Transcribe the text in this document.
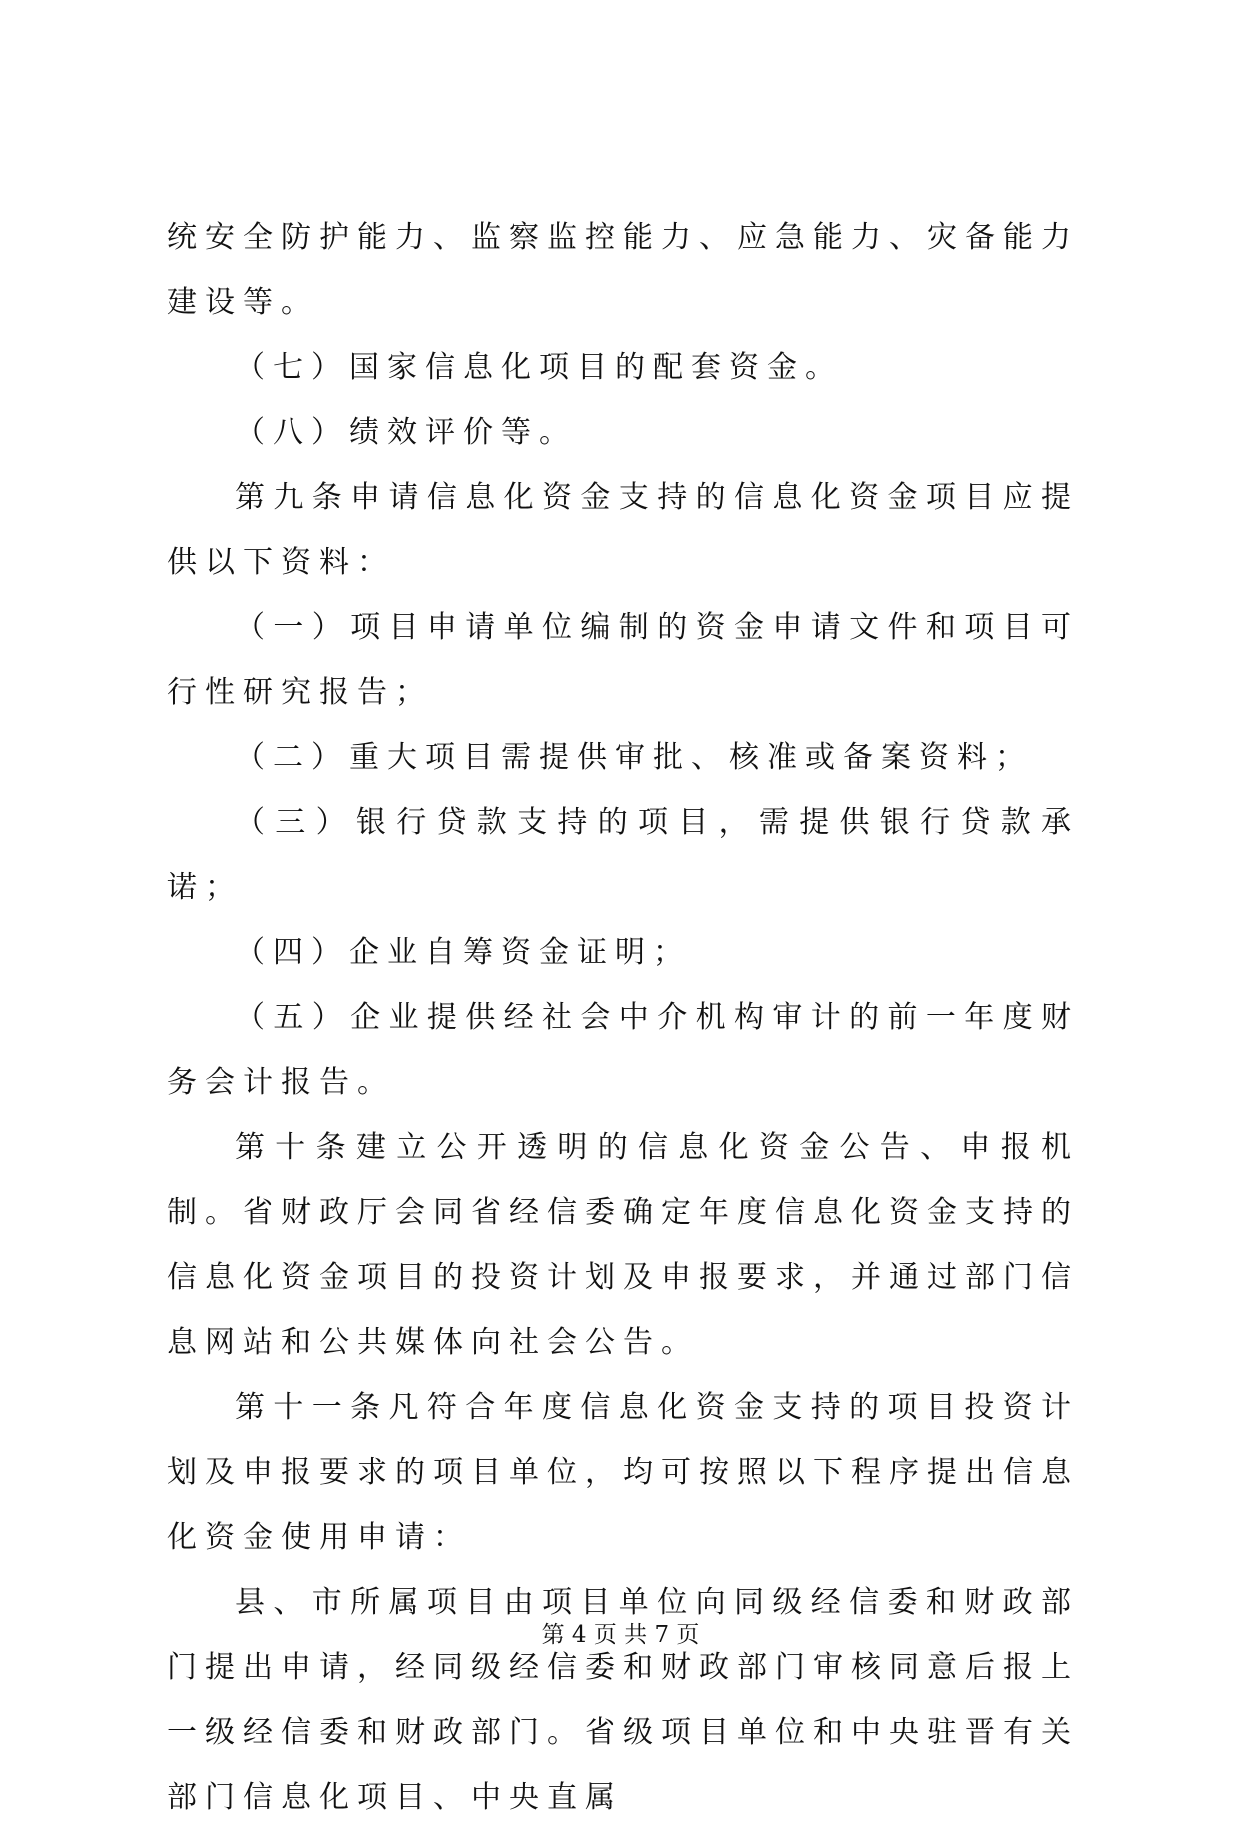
统安全防护能力、监察监控能力、应急能力、灾备能力建设等。

（七）国家信息化项目的配套资金。

（八）绩效评价等。

第九条申请信息化资金支持的信息化资金项目应提供以下资料：

（一）项目申请单位编制的资金申请文件和项目可行性研究报告；

（二）重大项目需提供审批、核准或备案资料；

（三）银行贷款支持的项目，需提供银行贷款承诺；

（四）企业自筹资金证明；

（五）企业提供经社会中介机构审计的前一年度财务会计报告。

第十条建立公开透明的信息化资金公告、申报机制。省财政厅会同省经信委确定年度信息化资金支持的信息化资金项目的投资计划及申报要求，并通过部门信息网站和公共媒体向社会公告。

第十一条凡符合年度信息化资金支持的项目投资计划及申报要求的项目单位，均可按照以下程序提出信息化资金使用申请：

县、市所属项目由项目单位向同级经信委和财政部门提出申请，经同级经信委和财政部门审核同意后报上一级经信委和财政部门。省级项目单位和中央驻晋有关部门信息化项目、中央直属

第 4 页 共 7 页
